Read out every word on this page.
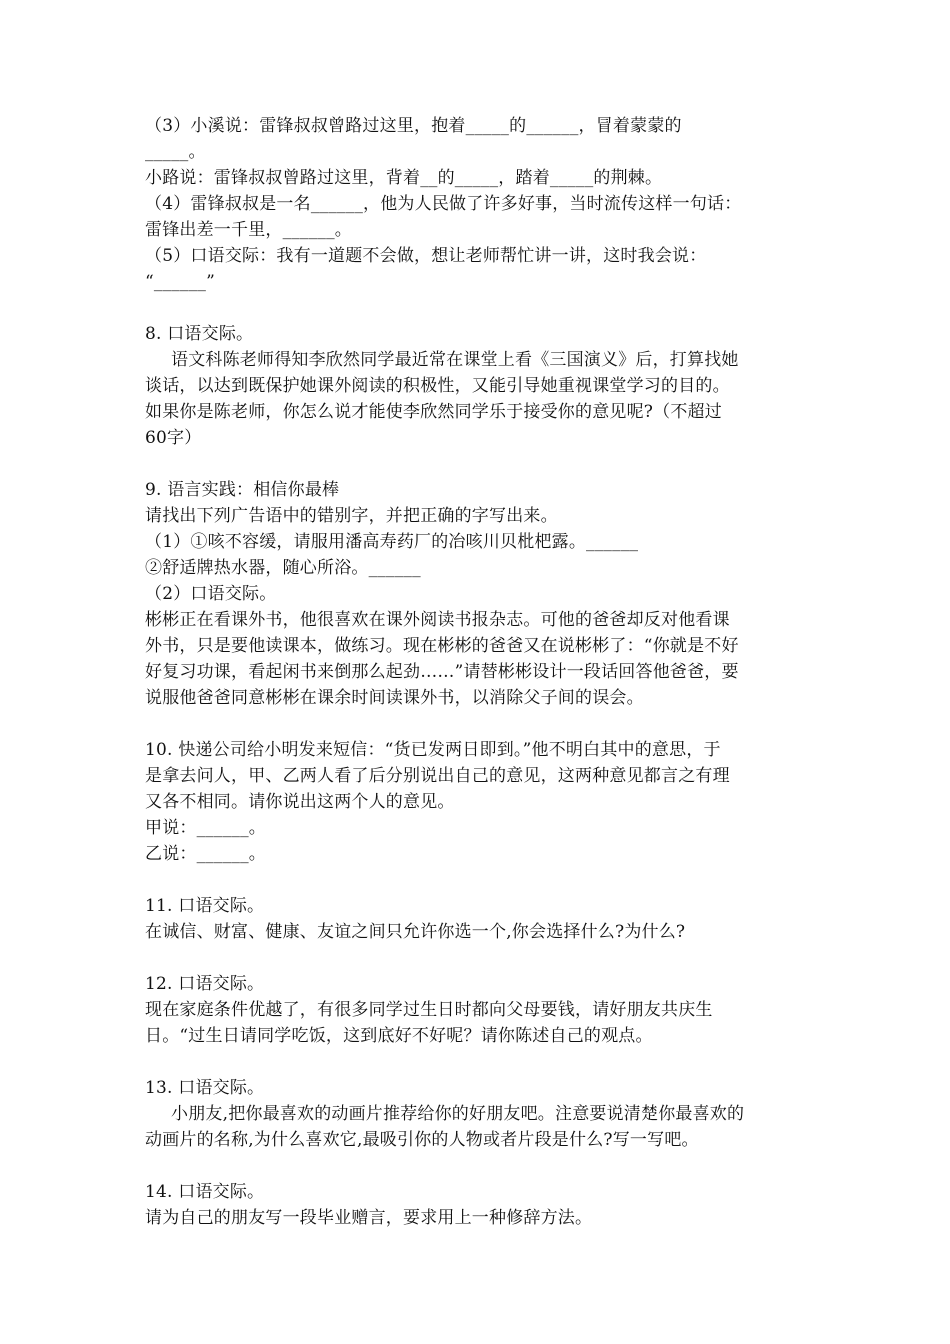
（3）小溪说：雷锋叔叔曾路过这里，抱着_____的______，冒着蒙蒙的
_____。
小路说：雷锋叔叔曾路过这里，背着__的_____，踏着_____的荆棘。
（4）雷锋叔叔是一名______，他为人民做了许多好事，当时流传这样一句话：
雷锋出差一千里，______。
（5）口语交际：我有一道题不会做，想让老师帮忙讲一讲，这时我会说：
“______”
8. 口语交际。
语文科陈老师得知李欣然同学最近常在课堂上看《三国演义》后，打算找她
谈话，以达到既保护她课外阅读的积极性，又能引导她重视课堂学习的目的。
如果你是陈老师，你怎么说才能使李欣然同学乐于接受你的意见呢?（不超过
60字）
9. 语言实践：相信你最棒
请找出下列广告语中的错别字，并把正确的字写出来。
（1）①咳不容缓，请服用潘高寿药厂的冶咳川贝枇杷露。______
②舒适牌热水器，随心所浴。______
（2）口语交际。
彬彬正在看课外书，他很喜欢在课外阅读书报杂志。可他的爸爸却反对他看课
外书，只是要他读课本，做练习。现在彬彬的爸爸又在说彬彬了：“你就是不好
好复习功课，看起闲书来倒那么起劲……”请替彬彬设计一段话回答他爸爸，要
说服他爸爸同意彬彬在课余时间读课外书，以消除父子间的误会。
10. 快递公司给小明发来短信：“货已发两日即到。”他不明白其中的意思，于
是拿去问人，甲、乙两人看了后分别说出自己的意见，这两种意见都言之有理
又各不相同。请你说出这两个人的意见。
甲说：______。
乙说：______。
11. 口语交际。
在诚信、财富、健康、友谊之间只允许你选一个,你会选择什么?为什么?
12. 口语交际。
现在家庭条件优越了，有很多同学过生日时都向父母要钱，请好朋友共庆生
日。“过生日请同学吃饭，这到底好不好呢？请你陈述自己的观点。
13. 口语交际。
小朋友,把你最喜欢的动画片推荐给你的好朋友吧。注意要说清楚你最喜欢的
动画片的名称,为什么喜欢它,最吸引你的人物或者片段是什么?写一写吧。
14. 口语交际。
请为自己的朋友写一段毕业赠言，要求用上一种修辞方法。
